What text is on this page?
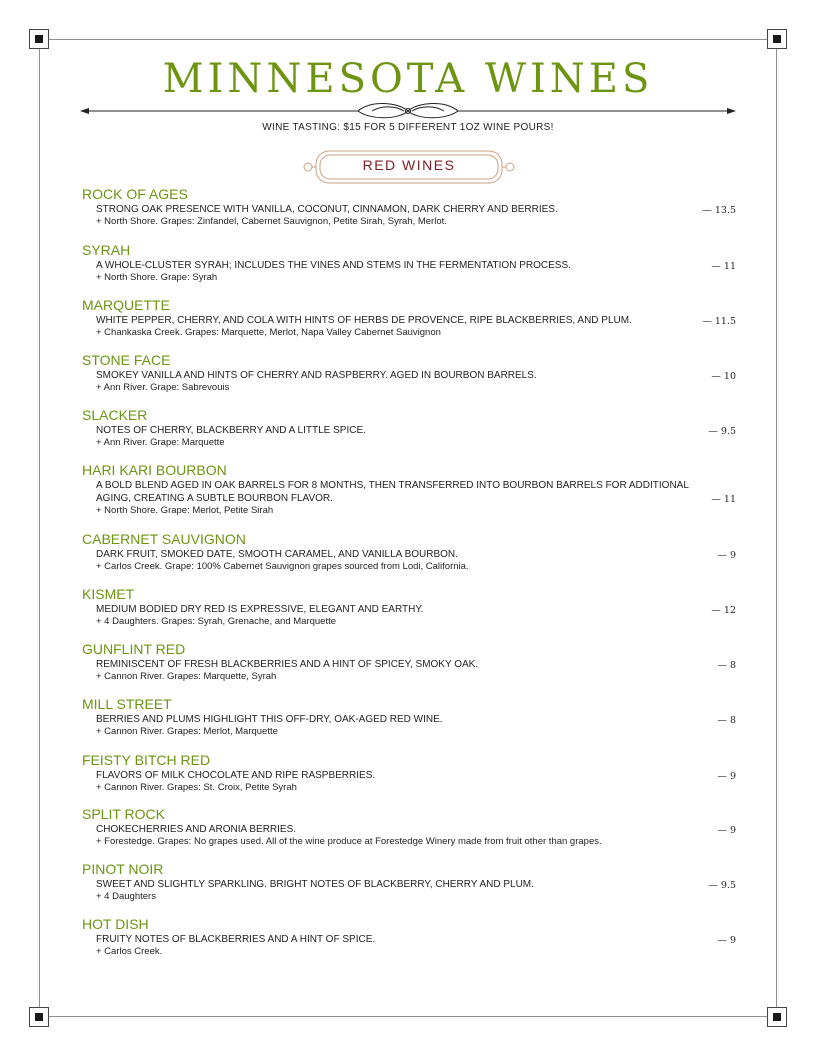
MINNESOTA WINES
WINE TASTING: $15 FOR 5 DIFFERENT 1OZ WINE POURS!
RED WINES
ROCK OF AGES
STRONG OAK PRESENCE WITH VANILLA, COCONUT, CINNAMON, DARK CHERRY AND BERRIES.
+ North Shore. Grapes: Zinfandel, Cabernet Sauvignon, Petite Sirah, Syrah, Merlot.
— 13.5
SYRAH
A WHOLE-CLUSTER SYRAH; INCLUDES THE VINES AND STEMS IN THE FERMENTATION PROCESS.
+ North Shore. Grape: Syrah
— 11
MARQUETTE
WHITE PEPPER, CHERRY, AND COLA WITH HINTS OF HERBS DE PROVENCE, RIPE BLACKBERRIES, AND PLUM.
+ Chankaska Creek. Grapes: Marquette, Merlot, Napa Valley Cabernet Sauvignon
— 11.5
STONE FACE
SMOKEY VANILLA AND HINTS OF CHERRY AND RASPBERRY. AGED IN BOURBON BARRELS.
+ Ann River. Grape: Sabrevouis
— 10
SLACKER
NOTES OF CHERRY, BLACKBERRY AND A LITTLE SPICE.
+ Ann River. Grape: Marquette
— 9.5
HARI KARI BOURBON
A BOLD BLEND AGED IN OAK BARRELS FOR 8 MONTHS, THEN TRANSFERRED INTO BOURBON BARRELS FOR ADDITIONAL AGING, CREATING A SUBTLE BOURBON FLAVOR.
+ North Shore. Grape: Merlot, Petite Sirah
— 11
CABERNET SAUVIGNON
DARK FRUIT, SMOKED DATE, SMOOTH CARAMEL, AND VANILLA BOURBON.
+ Carlos Creek. Grape: 100% Cabernet Sauvignon grapes sourced from Lodi, California.
— 9
KISMET
MEDIUM BODIED DRY RED IS EXPRESSIVE, ELEGANT AND EARTHY.
+ 4 Daughters. Grapes: Syrah, Grenache, and Marquette
— 12
GUNFLINT RED
REMINISCENT OF FRESH BLACKBERRIES AND A HINT OF SPICEY, SMOKY OAK.
+ Cannon River. Grapes: Marquette, Syrah
— 8
MILL STREET
BERRIES AND PLUMS HIGHLIGHT THIS OFF-DRY, OAK-AGED RED WINE.
+ Cannon River. Grapes: Merlot, Marquette
— 8
FEISTY BITCH RED
FLAVORS OF MILK CHOCOLATE AND RIPE RASPBERRIES.
+ Cannon River. Grapes: St. Croix, Petite Syrah
— 9
SPLIT ROCK
CHOKECHERRIES AND ARONIA BERRIES.
+ Forestedge. Grapes: No grapes used. All of the wine produce at Forestedge Winery made from fruit other than grapes.
— 9
PINOT NOIR
SWEET AND SLIGHTLY SPARKLING. BRIGHT NOTES OF BLACKBERRY, CHERRY AND PLUM.
+ 4 Daughters
— 9.5
HOT DISH
FRUITY NOTES OF BLACKBERRIES AND A HINT OF SPICE.
+ Carlos Creek.
— 9
